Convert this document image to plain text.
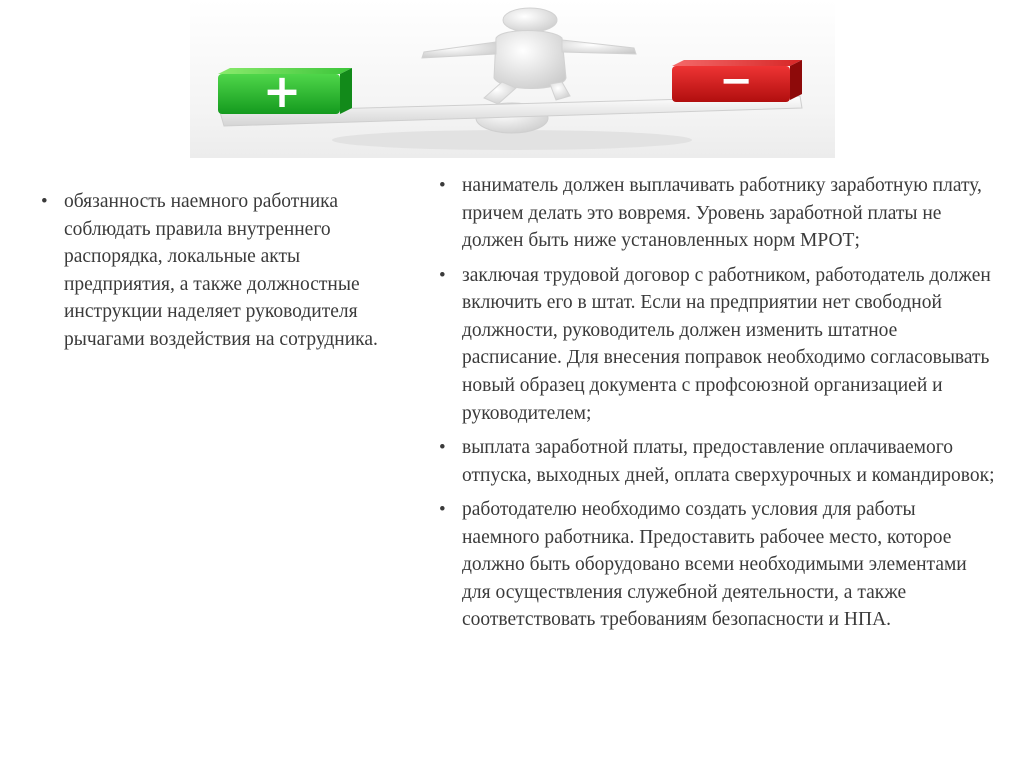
+	−
• обязанность наемного работника соблюдать правила внутреннего распорядка, локальные акты предприятия, а также должностные инструкции наделяет руководителя рычагами воздействия на сотрудника.
• наниматель должен выплачивать работнику заработную плату, причем делать это вовремя. Уровень заработной платы не должен быть ниже установленных норм МРОТ;
• заключая трудовой договор с работником, работодатель должен включить его в штат. Если на предприятии нет свободной должности, руководитель должен изменить штатное расписание. Для внесения поправок необходимо согласовывать новый образец документа с профсоюзной организацией и руководителем;
• выплата заработной платы, предоставление оплачиваемого отпуска, выходных дней, оплата сверхурочных и командировок;
• работодателю необходимо создать условия для работы наемного работника. Предоставить рабочее место, которое должно быть оборудовано всеми необходимыми элементами для осуществления служебной деятельности, а также соответствовать требованиям безопасности и НПА.
